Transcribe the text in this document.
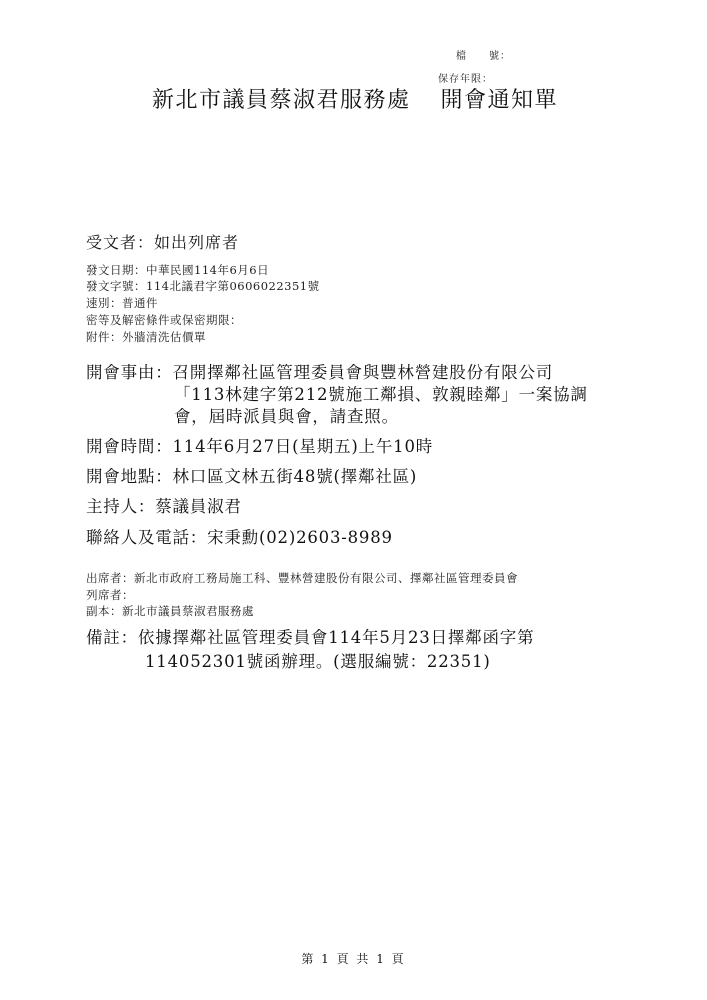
檔　　號：
保存年限：
新北市議員蔡淑君服務處 開會通知單
受文者：如出列席者
發文日期：中華民國114年6月6日
發文字號：114北議君字第0606022351號
速別：普通件
密等及解密條件或保密期限：
附件：外牆清洗估價單
開會事由：召開擇鄰社區管理委員會與豐林營建股份有限公司
「113林建字第212號施工鄰損、敦親睦鄰」一案協調
會，屆時派員與會，請查照。
開會時間：114年6月27日(星期五)上午10時
開會地點：林口區文林五街48號(擇鄰社區)
主持人：蔡議員淑君
聯絡人及電話：宋秉勳(02)2603-8989
出席者：新北市政府工務局施工科、豐林營建股份有限公司、擇鄰社區管理委員會
列席者：
副本：新北市議員蔡淑君服務處
備註：依據擇鄰社區管理委員會114年5月23日擇鄰函字第
114052301號函辦理。(選服編號：22351)
第 1 頁 共 1 頁
